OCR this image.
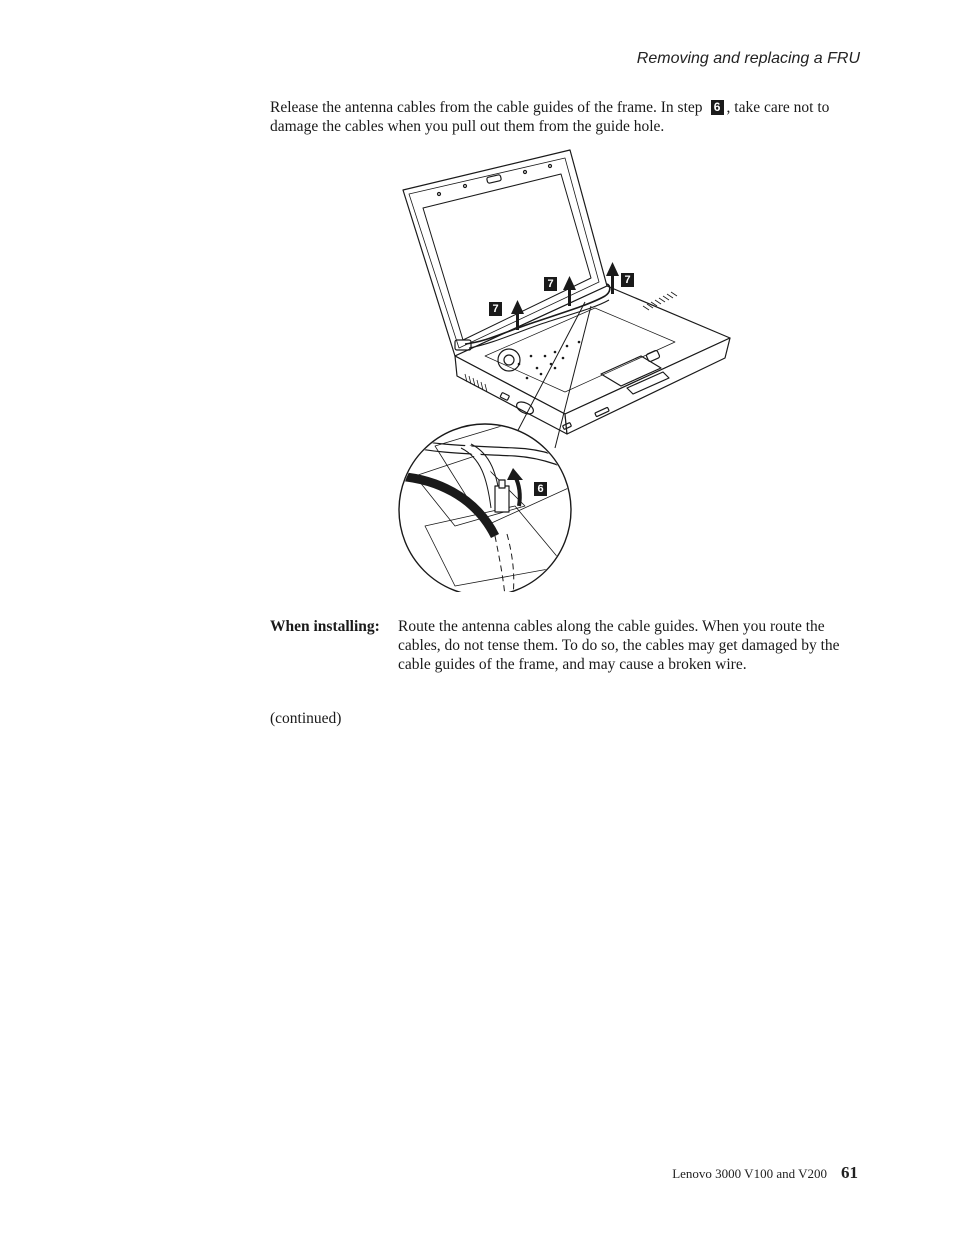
Removing and replacing a FRU
Release the antenna cables from the cable guides of the frame. In step 6 , take care not to damage the cables when you pull out them from the guide hole.
7
7	7
6
When installing: Route the antenna cables along the cable guides. When you route the cables, do not tense them. To do so, the cables may get damaged by the cable guides of the frame, and may cause a broken wire.
(continued)
Lenovo 3000 V100 and V200 61
